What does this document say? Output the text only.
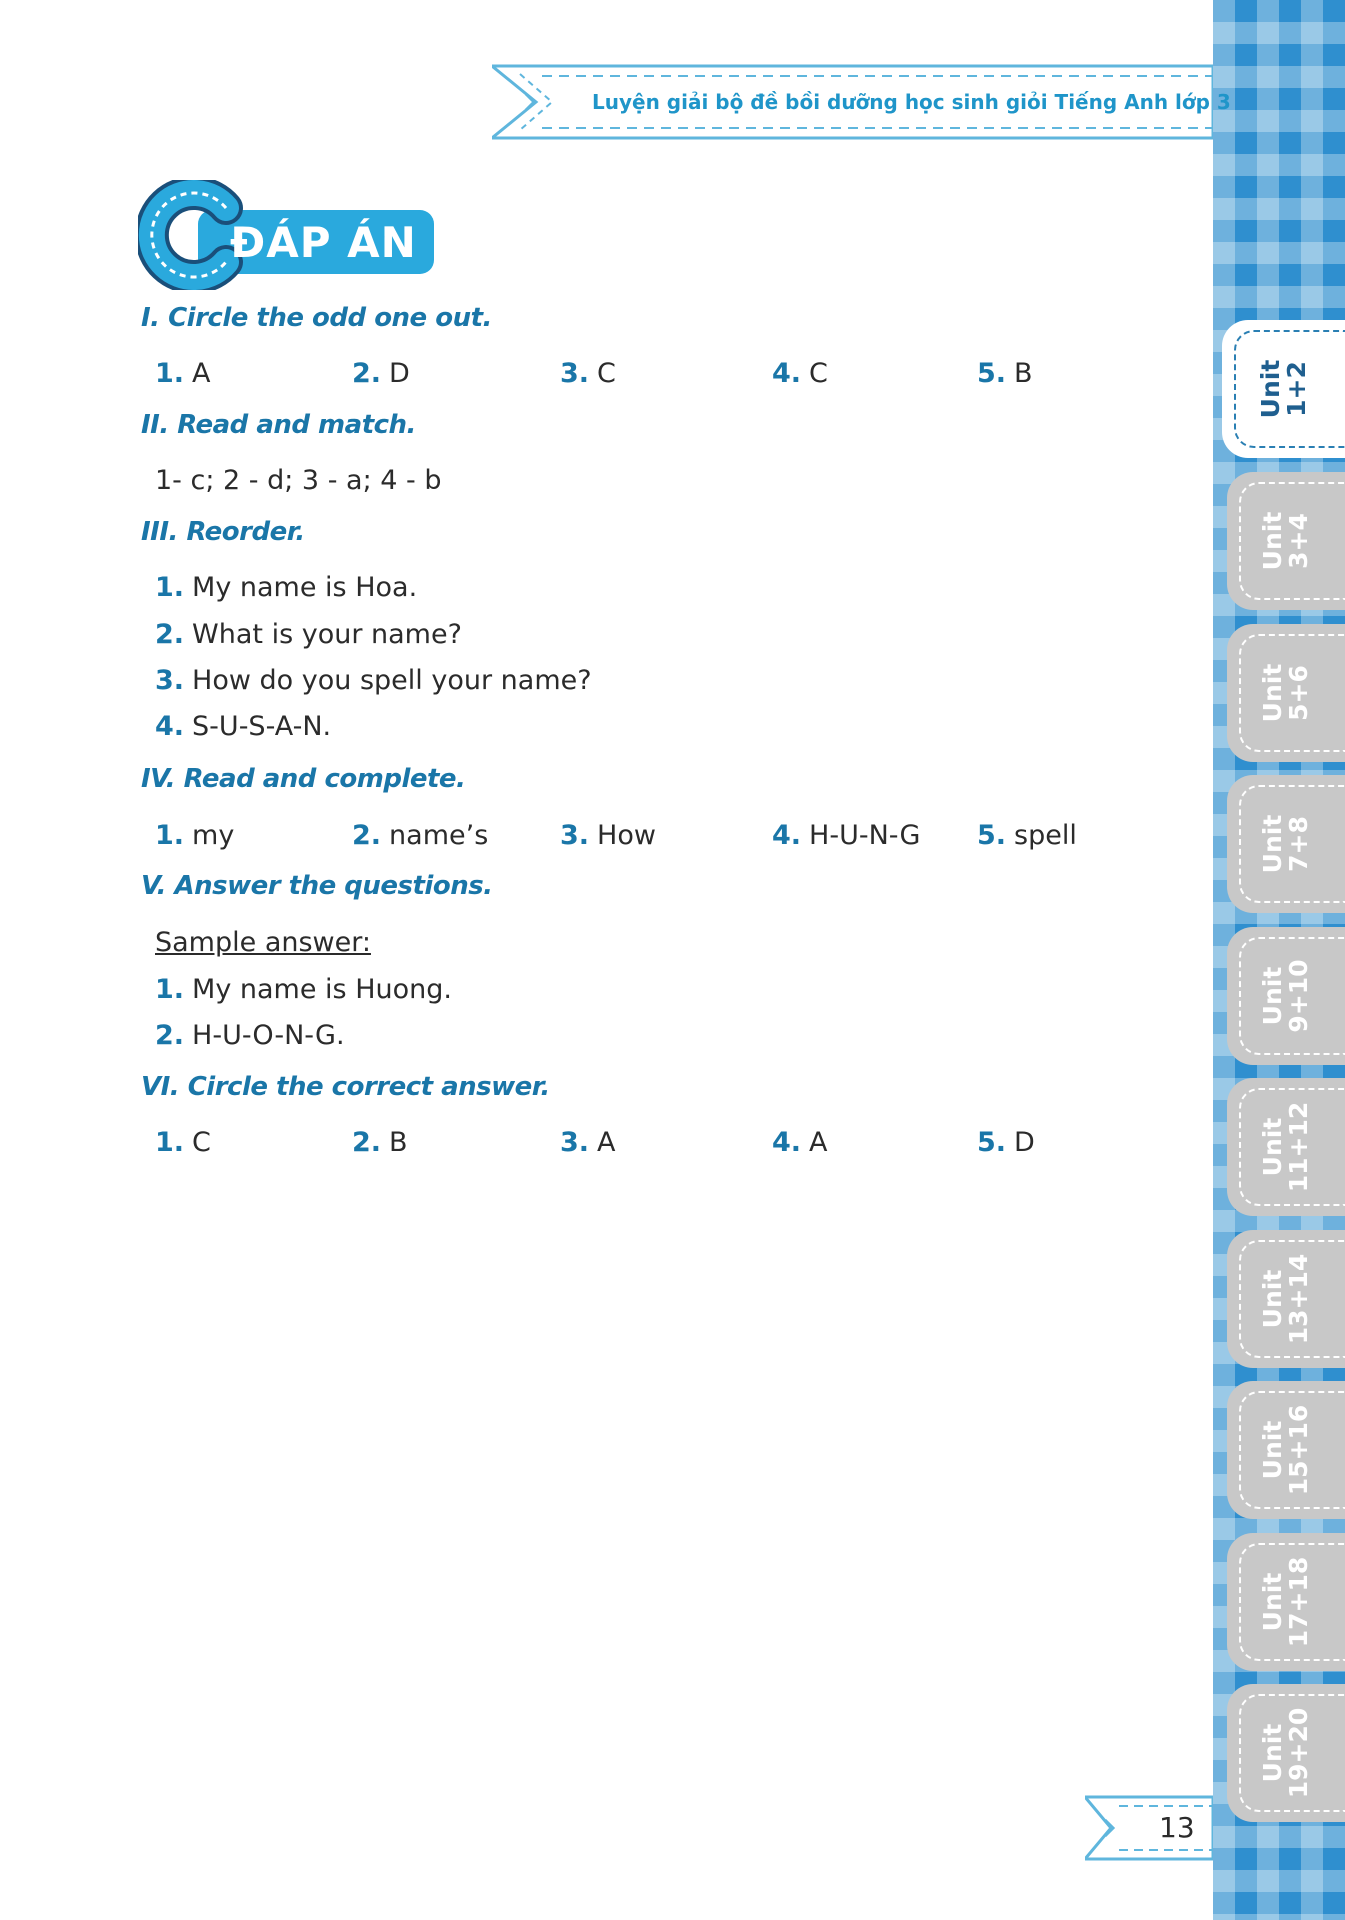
Unit
1+2
Unit
3+4
Unit
5+6
Unit
7+8
Unit
9+10
Unit
11+12
Unit
13+14
Unit
15+16
Unit
17+18
Unit
19+20
Luyện giải bộ đề bồi dưỡng học sinh giỏi Tiếng Anh lớp 3
C
ĐÁP ÁN
I. Circle the odd one out.
1. A	2. D	3. C	4. C	5. B
II. Read and match.
1- c; 2 - d; 3 - a; 4 - b
III. Reorder.
1. My name is Hoa.
2. What is your name?
3. How do you spell your name?
4. S-U-S-A-N.
IV. Read and complete.
1. my	2. name’s	3. How	4. H-U-N-G 5. spell
V. Answer the questions.
Sample answer:
1. My name is Huong.
2. H-U-O-N-G.
VI. Circle the correct answer.
1. C	2. B	3. A	4. A	5. D
13
